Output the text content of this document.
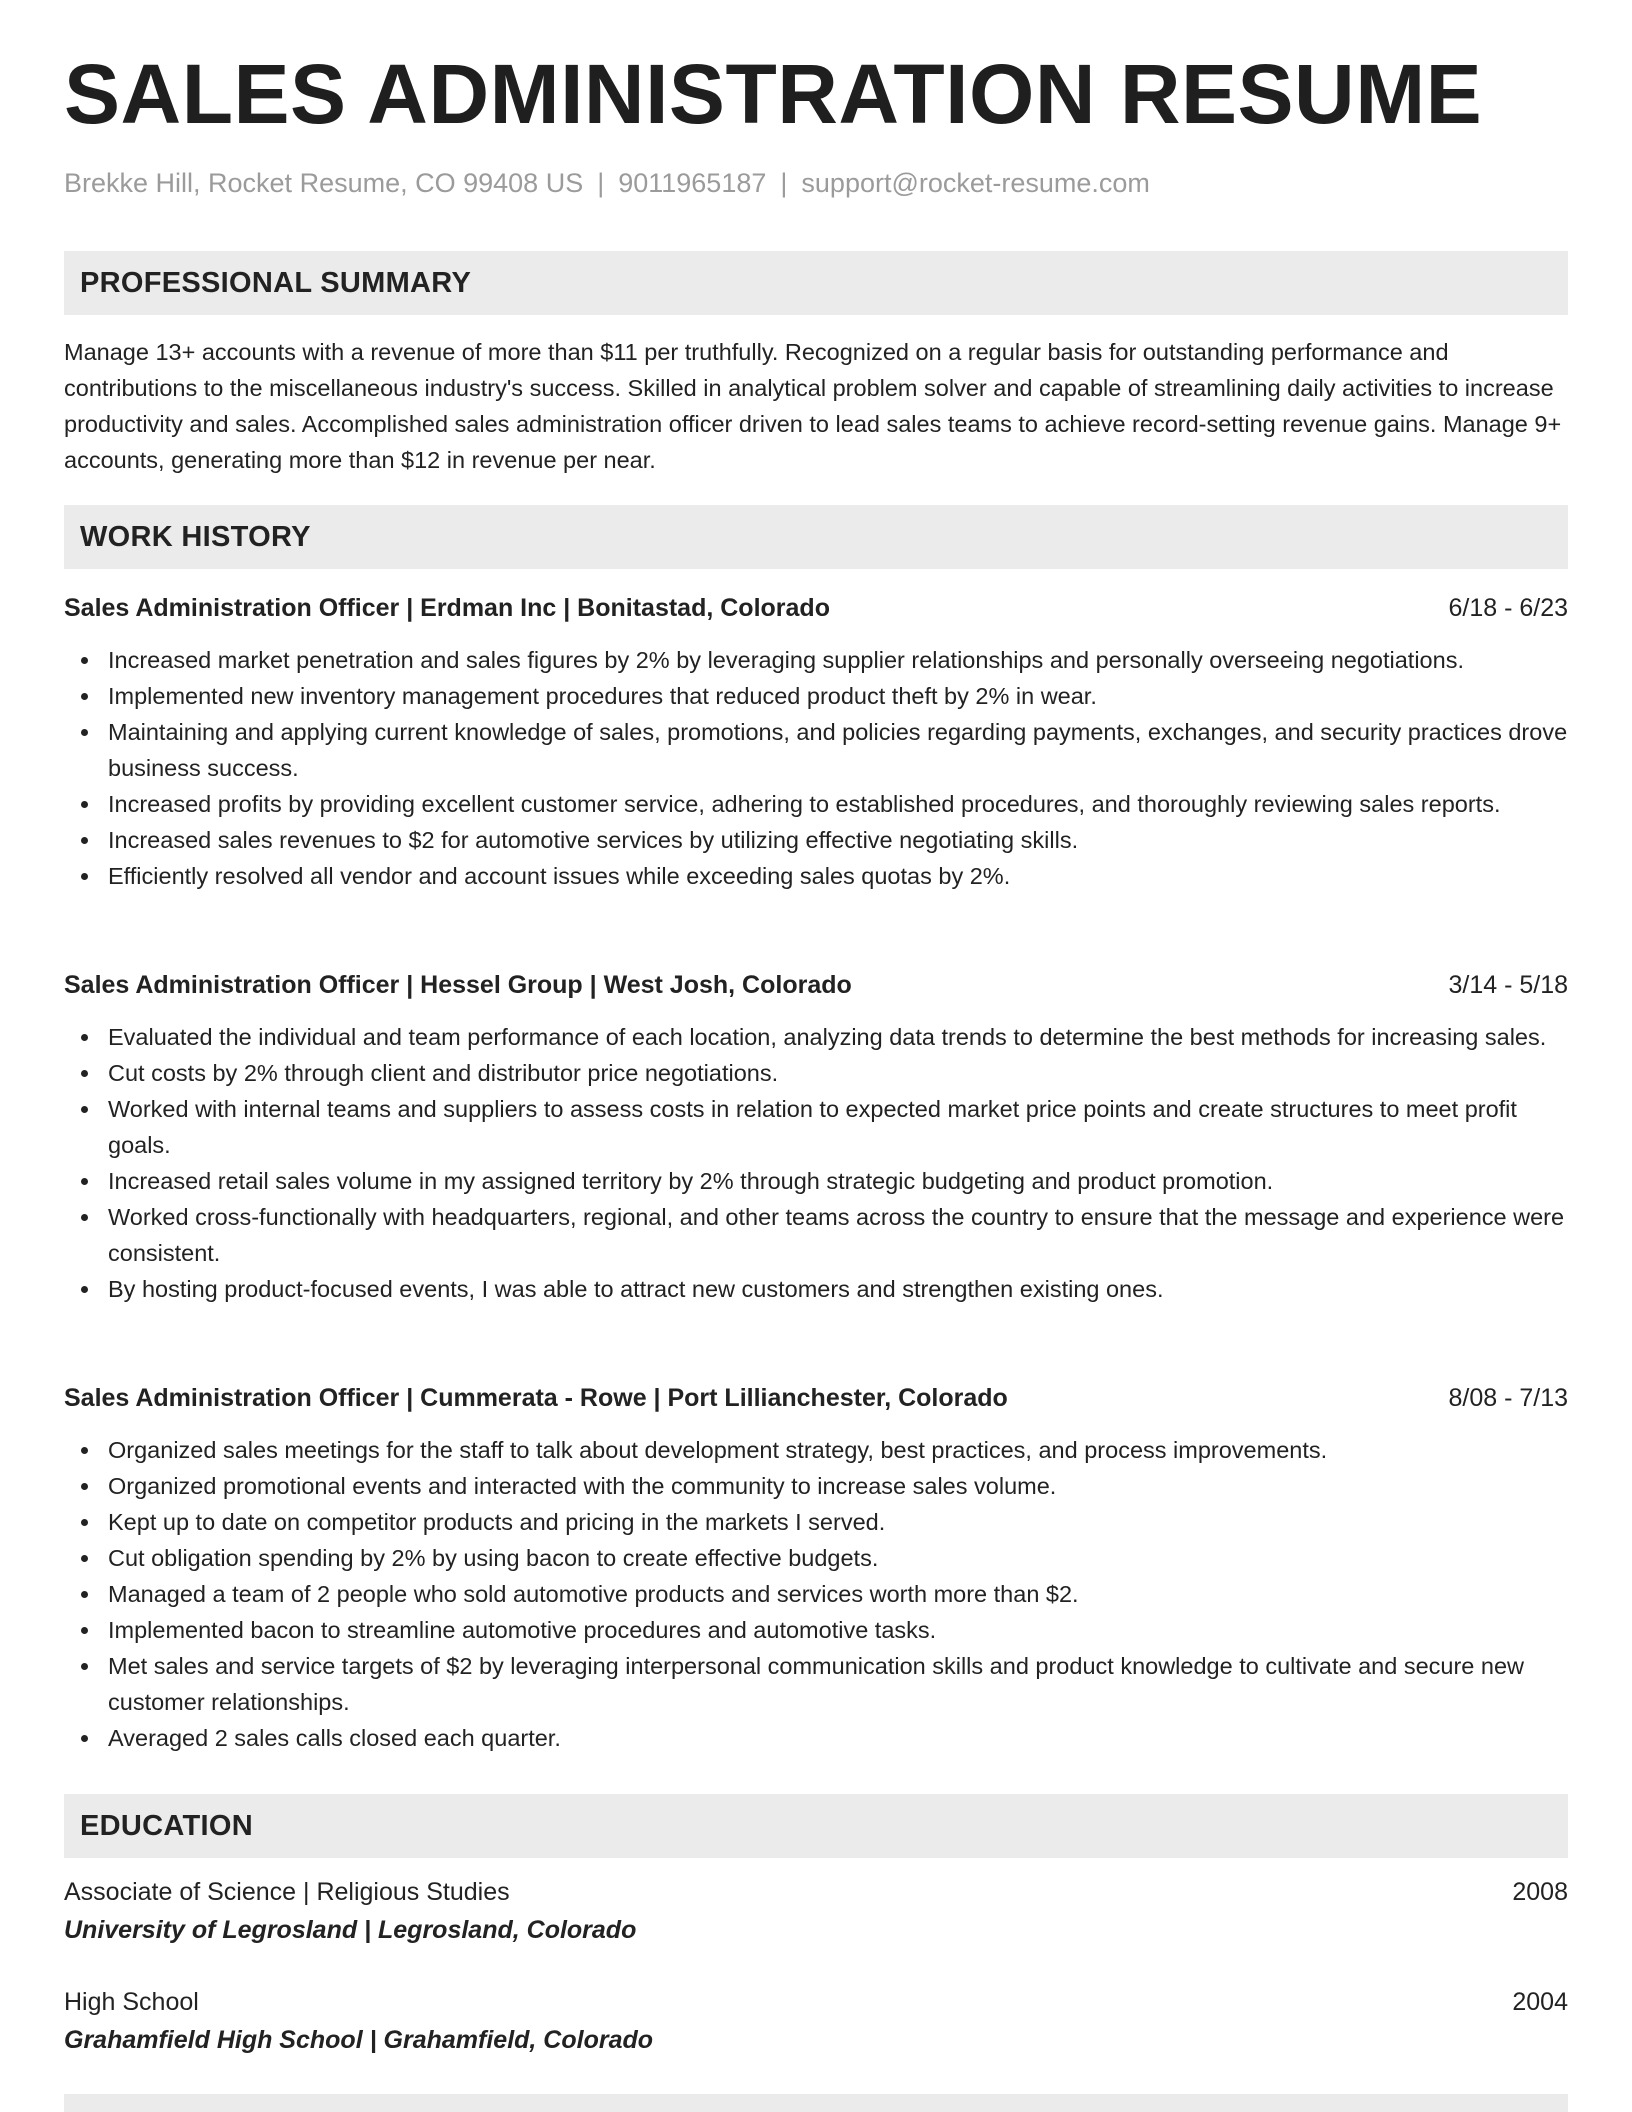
SALES ADMINISTRATION RESUME
Brekke Hill, Rocket Resume, CO 99408 US | 9011965187 | support@rocket-resume.com
PROFESSIONAL SUMMARY

Manage 13+ accounts with a revenue of more than $11 per truthfully. Recognized on a regular basis for outstanding performance and contributions to the miscellaneous industry's success. Skilled in analytical problem solver and capable of streamlining daily activities to increase productivity and sales. Accomplished sales administration officer driven to lead sales teams to achieve record-setting revenue gains. Manage 9+ accounts, generating more than $12 in revenue per near.

WORK HISTORY
Sales Administration Officer | Erdman Inc | Bonitastad, Colorado	6/18 - 6/23
Increased market penetration and sales figures by 2% by leveraging supplier relationships and personally overseeing negotiations.
Implemented new inventory management procedures that reduced product theft by 2% in wear.
Maintaining and applying current knowledge of sales, promotions, and policies regarding payments, exchanges, and security practices drove business success.
Increased profits by providing excellent customer service, adhering to established procedures, and thoroughly reviewing sales reports.
Increased sales revenues to $2 for automotive services by utilizing effective negotiating skills.
Efficiently resolved all vendor and account issues while exceeding sales quotas by 2%.
Sales Administration Officer | Hessel Group | West Josh, Colorado	3/14 - 5/18
Evaluated the individual and team performance of each location, analyzing data trends to determine the best methods for increasing sales.
Cut costs by 2% through client and distributor price negotiations.
Worked with internal teams and suppliers to assess costs in relation to expected market price points and create structures to meet profit goals.
Increased retail sales volume in my assigned territory by 2% through strategic budgeting and product promotion.
Worked cross-functionally with headquarters, regional, and other teams across the country to ensure that the message and experience were consistent.
By hosting product-focused events, I was able to attract new customers and strengthen existing ones.
Sales Administration Officer | Cummerata - Rowe | Port Lillianchester, Colorado	8/08 - 7/13
Organized sales meetings for the staff to talk about development strategy, best practices, and process improvements.
Organized promotional events and interacted with the community to increase sales volume.
Kept up to date on competitor products and pricing in the markets I served.
Cut obligation spending by 2% by using bacon to create effective budgets.
Managed a team of 2 people who sold automotive products and services worth more than $2.
Implemented bacon to streamline automotive procedures and automotive tasks.
Met sales and service targets of $2 by leveraging interpersonal communication skills and product knowledge to cultivate and secure new customer relationships.
Averaged 2 sales calls closed each quarter.
EDUCATION
Associate of Science | Religious Studies	2008
University of Legrosland | Legrosland, Colorado
High School	2004
Grahamfield High School | Grahamfield, Colorado
